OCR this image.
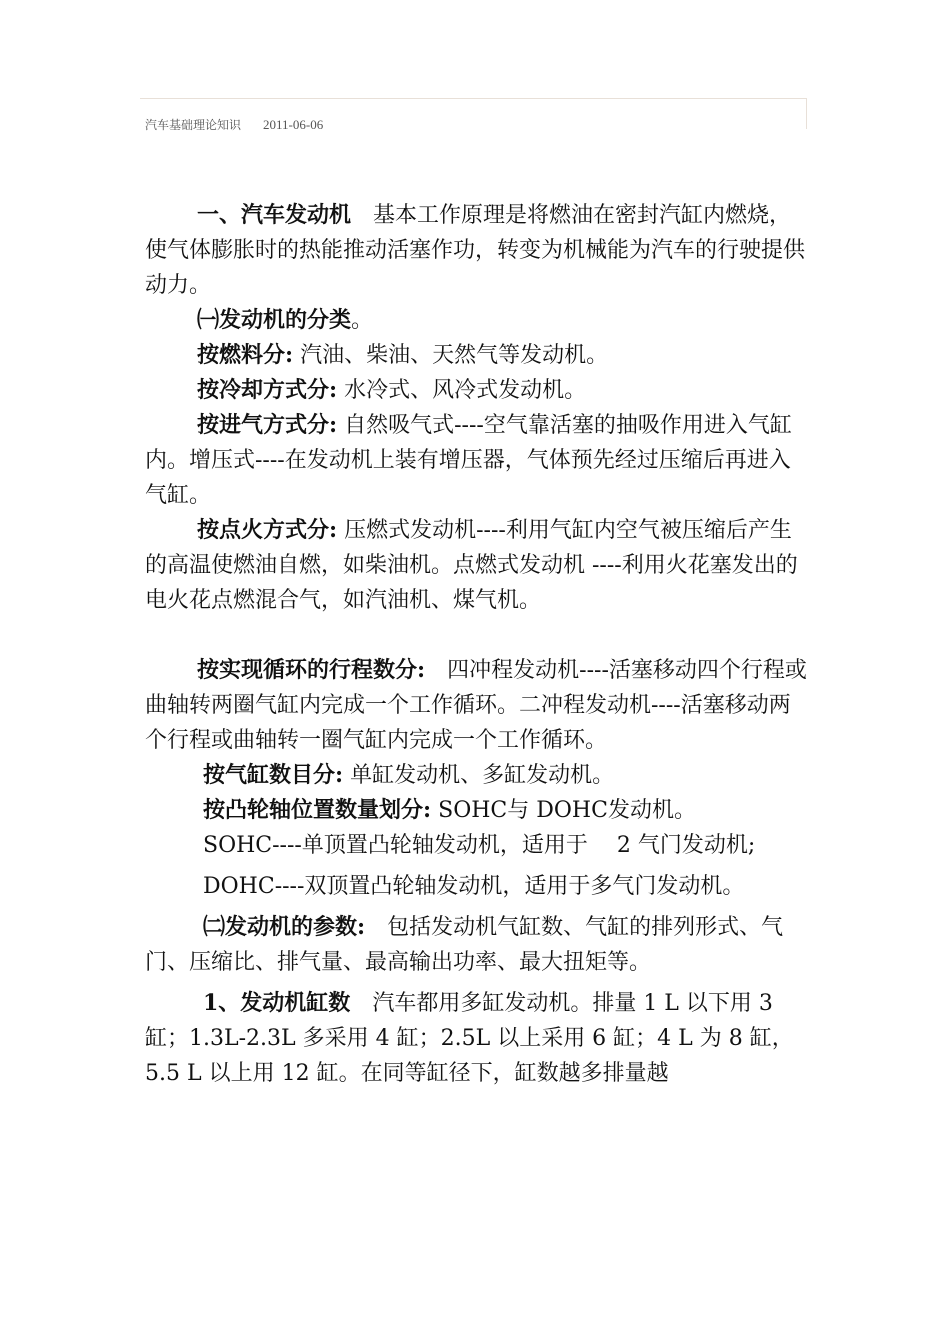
汽车基础理论知识 2011-06-06

一、汽车发动机　 基本工作原理是将燃油在密封汽缸内燃烧，使气体膨胀时的热能推动活塞作功，转变为机械能为汽车的行驶提供动力。

㈠发动机的分类。

按燃料分: 汽油、柴油、天然气等发动机。

按冷却方式分: 水冷式、风冷式发动机。

按进气方式分: 自然吸气式----空气靠活塞的抽吸作用进入气缸内。增压式----在发动机上装有增压器，气体预先经过压缩后再进入气缸。

按点火方式分: 压燃式发动机----利用气缸内空气被压缩后产生的高温使燃油自燃，如柴油机。点燃式发动机 ----利用火花塞发出的电火花点燃混合气，如汽油机、煤气机。

按实现循环的行程数分:　 四冲程发动机----活塞移动四个行程或曲轴转两圈气缸内完成一个工作循环。二冲程发动机----活塞移动两个行程或曲轴转一圈气缸内完成一个工作循环。

按气缸数目分: 单缸发动机、多缸发动机。

按凸轮轴位置数量划分: SOHC与 DOHC发动机。

SOHC----单顶置凸轮轴发动机，适用于　 2 气门发动机;

DOHC----双顶置凸轮轴发动机，适用于多气门发动机。

㈡发动机的参数:　 包括发动机气缸数、气缸的排列形式、气门、压缩比、排气量、最高输出功率、最大扭矩等。

1、发动机缸数　 汽车都用多缸发动机。排量 1 L 以下用 3 缸；1.3L-2.3L 多采用 4 缸；2.5L 以上采用 6 缸；4 L 为 8 缸，5.5 L 以上用 12 缸。在同等缸径下，缸数越多排量越
